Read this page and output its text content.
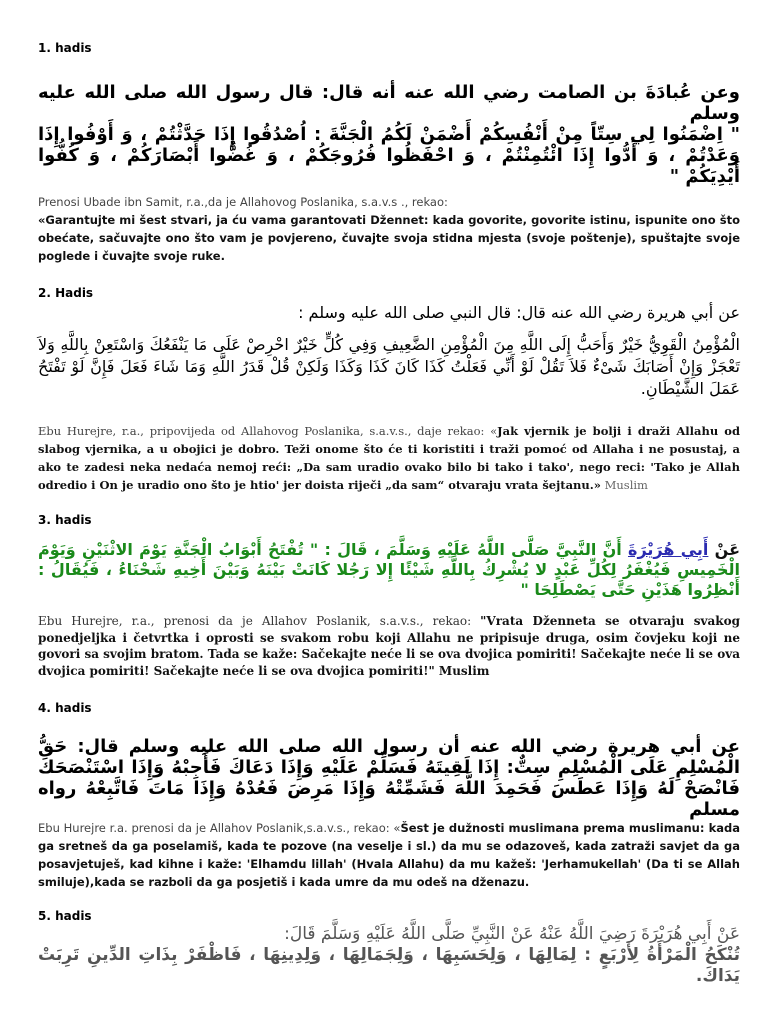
1. hadis

وعن عُبادَةَ بن الصامت رضي الله عنه أنه قال: قال رسول الله صلى الله عليه وسلم

" اِضْمَنُوا لِي سِتّاً مِنْ أَنْفُسِكُمْ أَضْمَنْ لَكُمُ الْجَنَّةَ : اُصْدُقُوا إِذَا حَدَّثْتُمْ ، وَ أَوْفُوا إِذَا وَعَدْتُمْ ، وَ أَدُّوا إِذَا ائْتُمِنْتُمْ ، وَ احْفَظُوا فُرُوجَكُمْ ، وَ غُضُّوا أَبْصَارَكُمْ ، وَ كُفُّوا أَيْدِيَكُمْ "

Prenosi Ubade ibn Samit, r.a.,da je Allahovog Poslanika, s.a.v.s ., rekao:
«Garantujte mi šest stvari, ja ću vama garantovati Džennet: kada govorite, govorite istinu, ispunite ono što obećate, sačuvajte ono što vam je povjereno, čuvajte svoja stidna mjesta (svoje poštenje), spuštajte svoje poglede i čuvajte svoje ruke.

2. Hadis

عن أبي هريرة رضي الله عنه قال: قال النبي صلى الله عليه وسلم :

الْمُؤْمِنُ الْقَوِيُّ خَيْرٌ وَأَحَبُّ إِلَى اللَّهِ مِنَ الْمُؤْمِنِ الضَّعِيفِ وَفِي كُلٍّ خَيْرٌ احْرِصْ عَلَى مَا يَنْفَعُكَ وَاسْتَعِنْ بِاللَّهِ وَلاَ تَعْجَزْ وَإِنْ أَصَابَكَ شَىْءٌ فَلاَ تَقُلْ لَوْ أَنِّي فَعَلْتُ كَذَا كَانَ كَذَا وَكَذَا وَلَكِنْ قُلْ قَدَرُ اللَّهِ وَمَا شَاءَ فَعَلَ فَإِنَّ لَوْ تَفْتَحُ عَمَلَ الشَّيْطَانِ.

Ebu Hurejre, r.a., pripovijeda od Allahovog Poslanika, s.a.v.s., daje rekao: «Jak vjernik je bolji i draži Allahu od slabog vjernika, a u obojici je dobro. Teži onome što će ti koristiti i traži pomoć od Allaha i ne posustaj, a ako te zadesi neka nedaća nemoj reći: „Da sam uradio ovako bilo bi tako i tako', nego reci: 'Tako je Allah odredio i On je uradio ono što je htio' jer doista riječi „da sam“ otvaraju vrata šejtanu.» Muslim

3. hadis

عَنْ أَبِي هُرَيْرَةَ أَنَّ النَّبِيَّ صَلَّى اللَّهُ عَلَيْهِ وَسَلَّمَ ، قَالَ : " تُفْتَحُ أَبْوَابُ الْجَنَّةِ يَوْمَ الاثْنَيْنِ وَيَوْمَ الْخَمِيسِ فَيُغْفَرُ لِكُلِّ عَبْدٍ لا يُشْرِكُ بِاللَّهِ شَيْئًا إِلا رَجُلا كَانَتْ بَيْنَهُ وَبَيْنَ أَخِيهِ شَحْنَاءُ ، فَيُقَالُ : أَنْظِرُوا هَذَيْنِ حَتَّى يَصْطَلِحَا "

Ebu Hurejre, r.a., prenosi da je Allahov Poslanik, s.a.v.s., rekao: "Vrata Dženneta se otvaraju svakog ponedjeljka i četvrtka i oprosti se svakom robu koji Allahu ne pripisuje druga, osim čovjeku koji ne govori sa svojim bratom. Tada se kaže: Sačekajte neće li se ova dvojica pomiriti! Sačekajte neće li se ova dvojica pomiriti! Sačekajte neće li se ova dvojica pomiriti!" Muslim

4. hadis

عن أبي هريرة رضي الله عنه أن رسول الله صلى الله عليه وسلم قال: حَقُّ الْمُسْلِمِ عَلَى الْمُسْلِمِ سِتٌّ: إِذَا لَقِيتَهُ فَسَلِّمْ عَلَيْهِ وَإِذَا دَعَاكَ فَأَجِبْهُ وَإِذَا اسْتَنْصَحَكَ فَانْصَحْ لَهُ وَإِذَا عَطَسَ فَحَمِدَ اللَّهَ فَشَمِّتْهُ وَإِذَا مَرِضَ فَعُدْهُ وَإِذَا مَاتَ فَاتَّبِعْهُ رواه مسلم

Ebu Hurejre r.a. prenosi da je Allahov Poslanik,s.a.v.s., rekao: «Šest je dužnosti muslimana prema muslimanu: kada ga sretneš da ga poselamiš, kada te pozove (na veselje i sl.) da mu se odazoveš, kada zatraži savjet da ga posavjetuješ, kad kihne i kaže: 'Elhamdu lillah' (Hvala Allahu) da mu kažeš: 'Jerhamukellah' (Da ti se Allah smiluje),kada se razboli da ga posjetiš i kada umre da mu odeš na dženazu.

5. hadis

عَنْ أَبِي هُرَيْرَةَ رَضِيَ اللَّهُ عَنْهُ عَنْ النَّبِيِّ صَلَّى اللَّهُ عَلَيْهِ وَسَلَّمَ قَالَ:

تُنْكَحُ الْمَرْأَةُ لِأَرْبَعٍ : لِمَالِهَا ، وَلِحَسَبِهَا ، وَلِجَمَالِهَا ، وَلِدِينِهَا ، فَاظْفَرْ بِذَاتِ الدِّينِ تَرِبَتْ يَدَاكَ.
